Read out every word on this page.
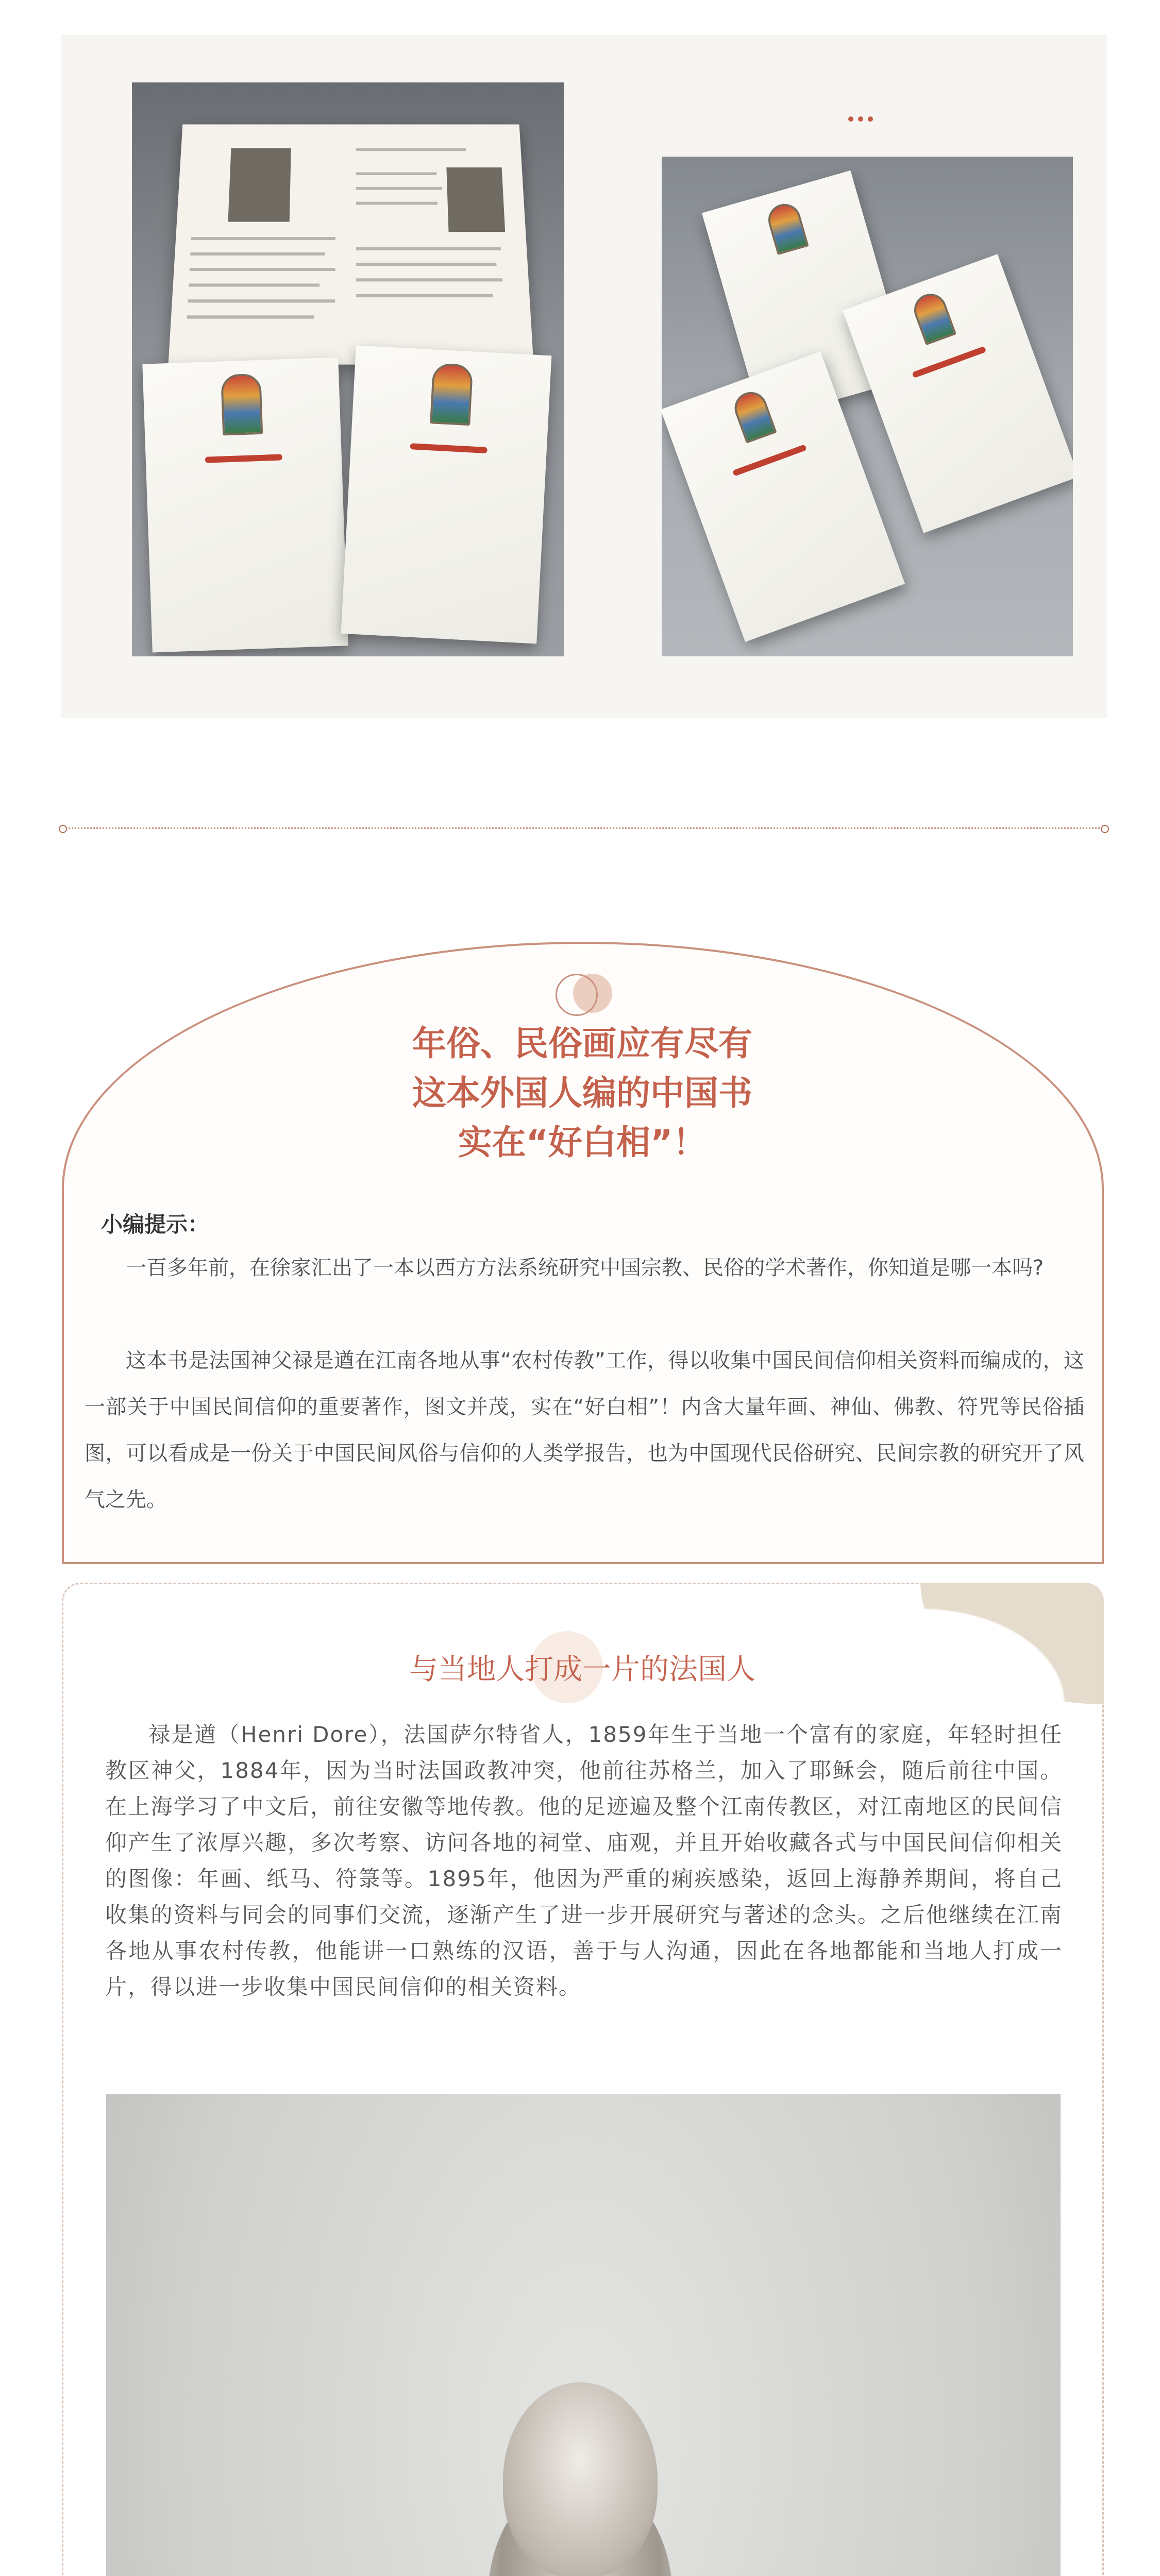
年俗、民俗画应有尽有
这本外国人编的中国书
实在“好白相”！
小编提示：
一百多年前，在徐家汇出了一本以西方方法系统研究中国宗教、民俗的学术著作，你知道是哪一本吗?
这本书是法国神父禄是遒在江南各地从事“农村传教”工作，得以收集中国民间信仰相关资料而编成的，这一部关于中国民间信仰的重要著作，图文并茂，实在“好白相”！内含大量年画、神仙、佛教、符咒等民俗插图，可以看成是一份关于中国民间风俗与信仰的人类学报告，也为中国现代民俗研究、民间宗教的研究开了风气之先。
与当地人打成一片的法国人
禄是遒（Henri Dore），法国萨尔特省人，1859年生于当地一个富有的家庭，年轻时担任教区神父，1884年，因为当时法国政教冲突，他前往苏格兰，加入了耶稣会，随后前往中国。在上海学习了中文后，前往安徽等地传教。他的足迹遍及整个江南传教区，对江南地区的民间信仰产生了浓厚兴趣，多次考察、访问各地的祠堂、庙观，并且开始收藏各式与中国民间信仰相关的图像：年画、纸马、符箓等。1895年，他因为严重的痢疾感染，返回上海静养期间，将自己收集的资料与同会的同事们交流，逐渐产生了进一步开展研究与著述的念头。之后他继续在江南各地从事农村传教，他能讲一口熟练的汉语，善于与人沟通，因此在各地都能和当地人打成一片，得以进一步收集中国民间信仰的相关资料。
